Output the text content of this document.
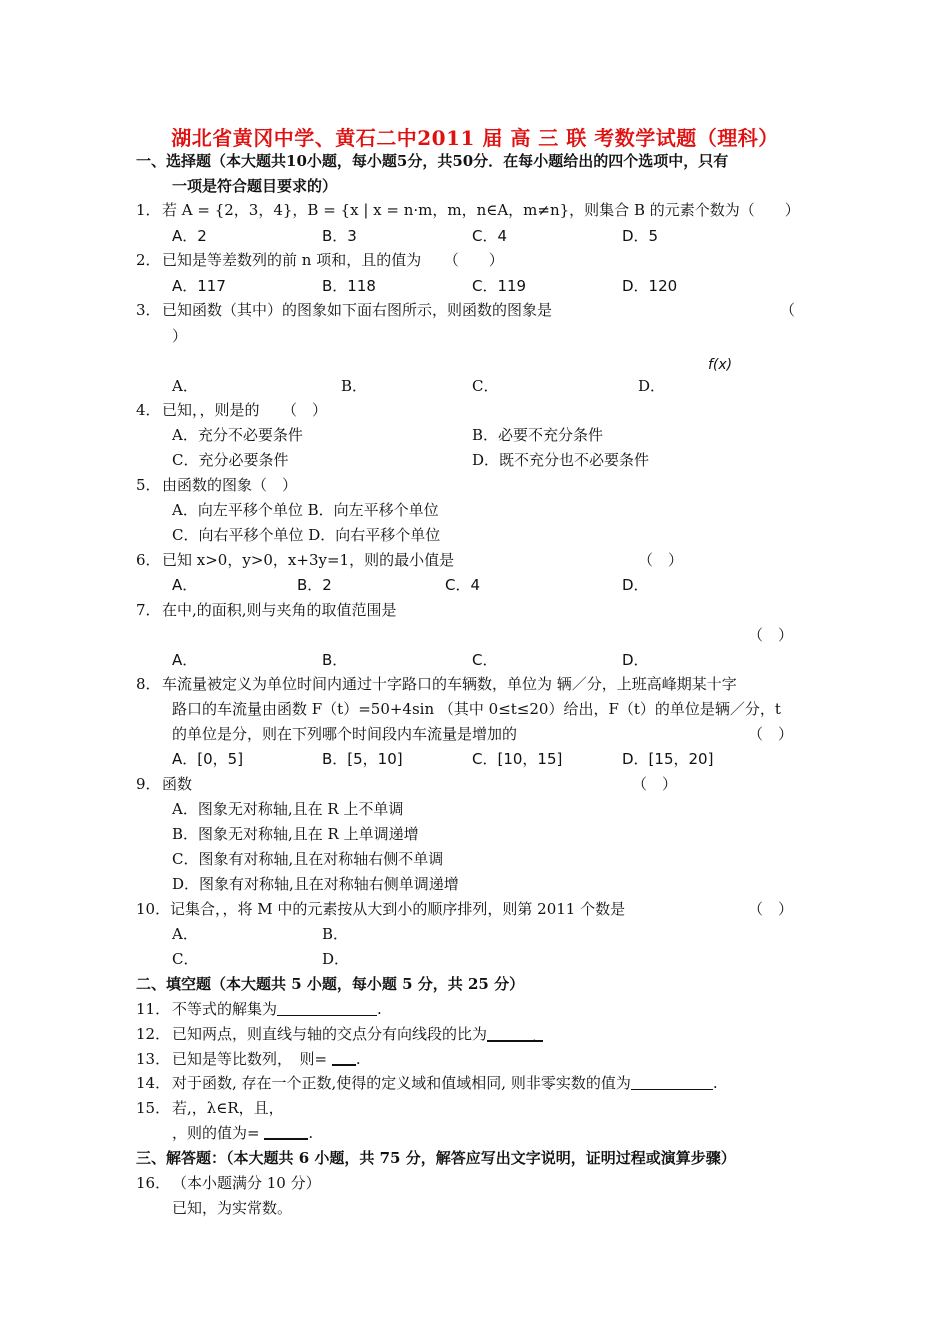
湖北省黄冈中学、黄石二中2011 届 高 三 联 考数学试题（理科）
一、选择题（本大题共10小题，每小题5分，共50分．在每小题给出的四个选项中，只有
一项是符合题目要求的）
1． 若 A = {2，3，4}，B = {x | x = n·m，m，n∈A，m≠n}，则集合 B 的元素个数为（　　）
A．2	B．3	C．4	D．5
2． 已知是等差数列的前 n 项和，且的值为　　（　　）
A．117	B．118	C．119	D．120
3． 已知函数（其中）的图象如下面右图所示，则函数的图象是	（
）
f(x)
A．	B．	C．	D．
4． 已知，，则是的　　（　）
A．充分不必要条件	B．必要不充分条件
C．充分必要条件	D．既不充分也不必要条件
5． 由函数的图象（　）
A．向左平移个单位 B．向左平移个单位
C．向右平移个单位 D．向右平移个单位
6． 已知 x>0，y>0，x+3y=1，则的最小值是	（　）
A．	B．2	C．4	D．
7． 在中,的面积,则与夹角的取值范围是
（　）
A．	B．	C．	D．
8． 车流量被定义为单位时间内通过十字路口的车辆数，单位为 辆／分，上班高峰期某十字
路口的车流量由函数 F（t）=50+4sin （其中 0≤t≤20）给出，F（t）的单位是辆／分，t
的单位是分，则在下列哪个时间段内车流量是增加的	（　）
A．[0，5]	B．[5，10]	C．[10，15]	D．[15，20]
9． 函数	（　）
A．图象无对称轴,且在 R 上不单调
B．图象无对称轴,且在 R 上单调递增
C．图象有对称轴,且在对称轴右侧不单调
D．图象有对称轴,且在对称轴右侧单调递增
10． 记集合，，将 M 中的元素按从大到小的顺序排列，则第 2011 个数是	（　）
A．	B．
C．	D．
二、填空题（本大题共 5 小题，每小题 5 分，共 25 分）
11． 不等式的解集为	.
12． 已知两点，则直线与轴的交点分有向线段的比为　　　．
13． 已知是等比数列，　则= .
14． 对于函数, 存在一个正数,使得的定义域和值域相同, 则非零实数的值为	.
15． 若,，λ∈R，且，
，则的值为=	.
三、解答题：（本大题共 6 小题，共 75 分，解答应写出文字说明，证明过程或演算步骤）
16． （本小题满分 10 分）
已知，为实常数。
